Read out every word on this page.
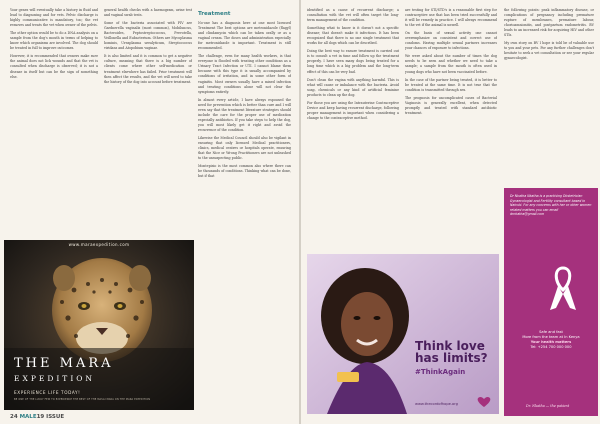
Your genes will eventually take a history in fluid and lead to diagnosing and for vets. Pelvic discharge is highly communicative is mandatory, too; the vet removes and treats the vet when owner of the pelvis.

The other option would be to do a DNA analysis on a sample from the dog's mouth in terms of helping to know which organisms are involved. The dog should be treated in full to improve outcomes.

However, it is recommended that owners make sure the animal does not lick wounds and that the vet is consulted when discharge is observed; it is not a disease in itself but can be the sign of something else.

general health checks with a haemogram, urine test and vaginal swab tests.

Some of the bacteria associated with PIV are Gardnerella vaginalis (most common), Mobiluncus, Bacteroides, Peptostreptococcus, Prevotella, Veillonella and Eubacterium. Others are Mycoplasma hominis, Ureaplasma urealyticum, Streptococcus viridans and Atopobium vaginae.

It is also limited and it is common to get a negative culture, meaning that there is a big number of clients come where other self-medication or treatment elsewhere has failed. Prior treatment will then affect the results, and the vet will need to take the history of the dog into account before treatment.

Treatment

No-one has a diagnosis here at one most licensed Treatment The best options are metronidazole (flagyl) and clindamycin which can be taken orally or as a vaginal cream. The doses and administration especially for metronidazole is important. Treatment is still recommended.

The challenge, even for many health workers, is that everyone is flooded with treating other conditions as a Urinary Tract Infection or UTI. I cannot blame them because with this type it is usually accompanied by conditions of irritation, and in some other form of vaginitis. Most owners usually have a mixed infection and treating conditions alone will not clear the symptoms entirely.

In almost every article, I have always espoused the need for prevention which is better than cure and I will even say that the treatment literature strategies should include the care for the proper use of medication especially antibiotics. If you take steps to help the dog, you will most likely get it right and avoid the recurrence of the condition.

Likewise the Medical Council should also be vigilant in ensuring that only licensed Medical practitioners, clinics, medical centres or hospitals operate, ensuring that the Nice or Wrong Practitioners are not unleashed to the unsuspecting public.

Montepisio is the most common also where there can be thousands of conditions. Thinking what can be done, but if that

www.maraexpedition.com
THE MARA
EXPEDITION
EXPERIENCE LIFE TODAY!
BE ONE OF THE LUCKY FEW TO EXPERIENCE THE BEST OF THE MASAI MARA ON THE MARA EXPEDITION
24 MALE19 ISSUE

identified as a cause of recurrent discharge; a consultation with the vet will often target the long-term management of the condition.

Something what to know is it doesn't not a specific disease; that doesn't make it infectious. It has been recognized that there is no one single treatment that works for all dogs which can be described.

Doing the best way to ensure treatment is carried out is to consult a vet in time and follow up the treatment properly. I have seen many dogs being treated for a long time which is a big problem and the long-term effect of this can be very bad.

Don't clean the vagina with anything harmful. This is what will cause or imbalance with the bacteria. Avoid soap, chemicals or any kind of artificial feminine products to clean up the dog.

For those you are using the Intrauterine Contraceptive Device and keep having recurrent discharge, following proper management is important when considering a change to the contraceptive method.

are testing for STI/STD's is a reasonable first step for contraceptive use that has been tried successfully and it will be remedy in practice. I will always recommend to the vet if the animal is unwell.

On the basis of sexual activity one cannot overemphasize on consistent and correct use of condoms. Having multiple sexual partners increases your chances of exposure to infections.

We were asked about the number of times the dog needs to be seen and whether we need to take a sample; a sample from the mouth is often used in young dogs who have not been vaccinated before.

In the case of the partner being treated, it is better to be treated at the same time. It is not true that the condition is transmitted through sex.

The prognosis for uncomplicated cases of Bacterial Vaginosis is generally excellent, when detected promptly and treated with standard antibiotic treatment.

the following points: peak inflammatory disease, or complications of pregnancy including premature rupture of membranes, premature labour, chorioamnionitis, and postpartum endometritis. BV leads to an increased risk for acquiring HIV and other STIs.

My own story on BV I hope is told be of valuable use to you and your pets. For any further challenges don't hesitate to seek a vet consultation or see your regular gynaecologist.

Dr Nkatha Nkatha is a practising Obstetrician Gynaecologist and Fertility consultant based in Nairobi. For any concerns with her or other women related matters you can email drnkatha@gmail.com
Safe and fast
More from the team at In Kenya
Your health matters
Tel: +254 700 000 000
Dr. Nkatha — the patient
Think love
has limits?
#ThinkAgain
www.thecordofhope.org
